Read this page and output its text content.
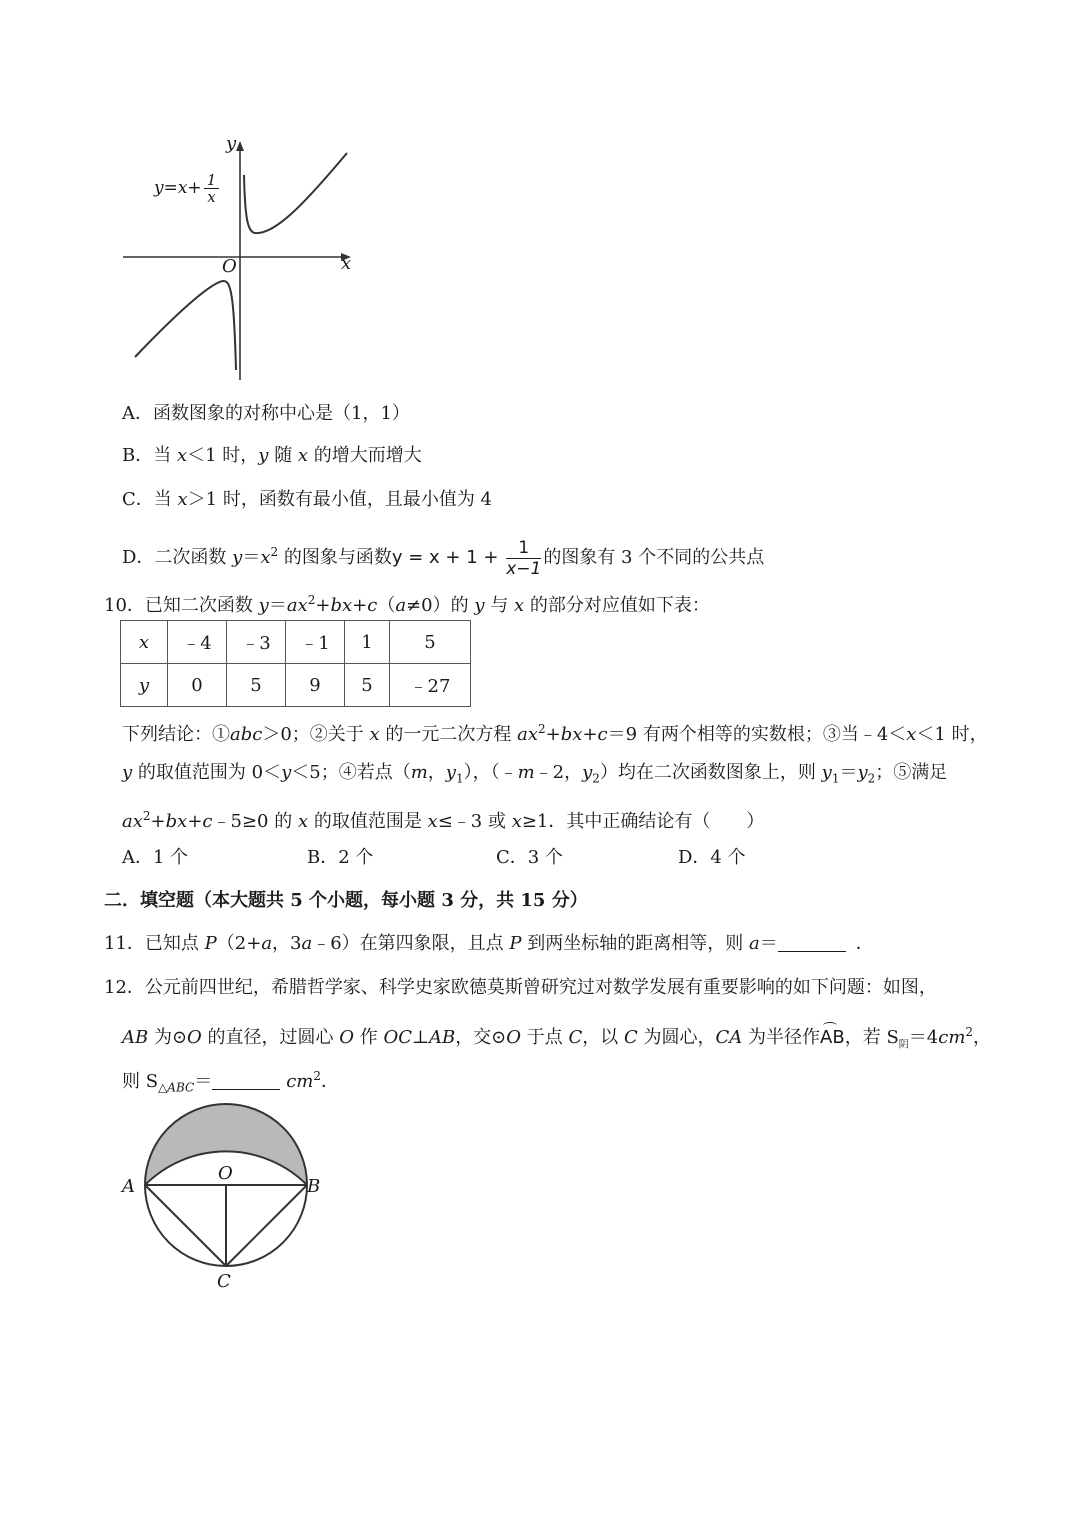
y
x
O
$y=x+ \frac{1}{x}$
A．函数图象的对称中心是（1，1）
B．当 x＜1 时，y 随 x 的增大而增大
C．当 x＞1 时，函数有最小值，且最小值为 4
D．二次函数 $y=x^2$ 的图象与函数$y = x + 1 + \frac{1}{x-1}$ 的图象有 3 个不同的公共点
10．已知二次函数 $y=ax^2+bx+c(a\ne 0)$的 y 与 x 的部分对应值如下表：
x	﹣4	﹣3	﹣1	1	5
y	0	5	9	5	﹣27
下列结论：①abc＞0；②关于 x 的一元二次方程 $ax^2+bx+c=9$ 有两个相等的实数根；③当﹣4＜x＜1 时，
y 的取值范围为 0＜y＜5；④若点（m，$y_1$），（﹣m﹣2，$y_2$）均在二次函数图象上，则 $y_1=y_2$；⑤满足
$ax^2+bx+c﹣5\ge 0$ 的 x 的取值范围是 x≤﹣3 或 x≥1．其中正确结论有（　　）
A．1 个	B．2 个	C．3 个	D．4 个
二．填空题（本大题共 5 个小题，每小题 3 分，共 15 分）
11．已知点 P（2+a，3a﹣6）在第四象限，且点 P 到两坐标轴的距离相等，则 a＝	．
12．公元前四世纪，希腊哲学家、科学史家欧德莫斯曾研究过对数学发展有重要影响的如下问题：如图，
AB 为⊙O 的直径，过圆心 O 作 OC⊥AB，交⊙O 于点 C，以 C 为圆心，CA 为半径作AB，若 $S_阴=4cm^2$，
则 $S_{\triangle ABC}=$	$cm^2$．
A	B
O
C
